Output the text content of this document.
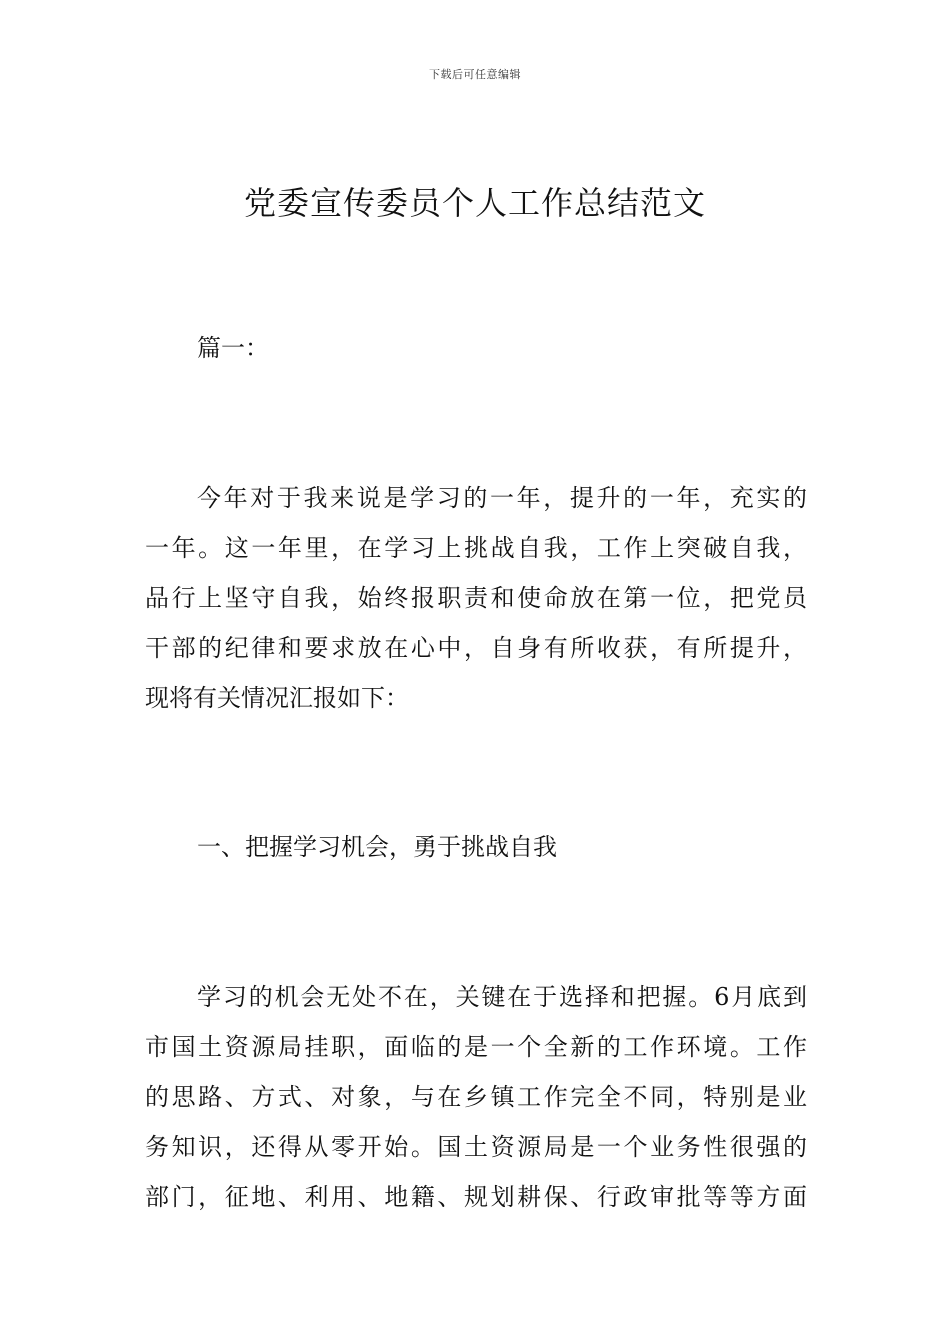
下载后可任意编辑
党委宣传委员个人工作总结范文
篇一：
今年对于我来说是学习的一年，提升的一年，充实的
一年。这一年里，在学习上挑战自我，工作上突破自我，
品行上坚守自我，始终报职责和使命放在第一位，把党员
干部的纪律和要求放在心中，自身有所收获，有所提升，
现将有关情况汇报如下：
一、把握学习机会，勇于挑战自我
学习的机会无处不在，关键在于选择和把握。6月底到
市国土资源局挂职，面临的是一个全新的工作环境。工作
的思路、方式、对象，与在乡镇工作完全不同，特别是业
务知识，还得从零开始。国土资源局是一个业务性很强的
部门，征地、利用、地籍、规划耕保、行政审批等等方面
